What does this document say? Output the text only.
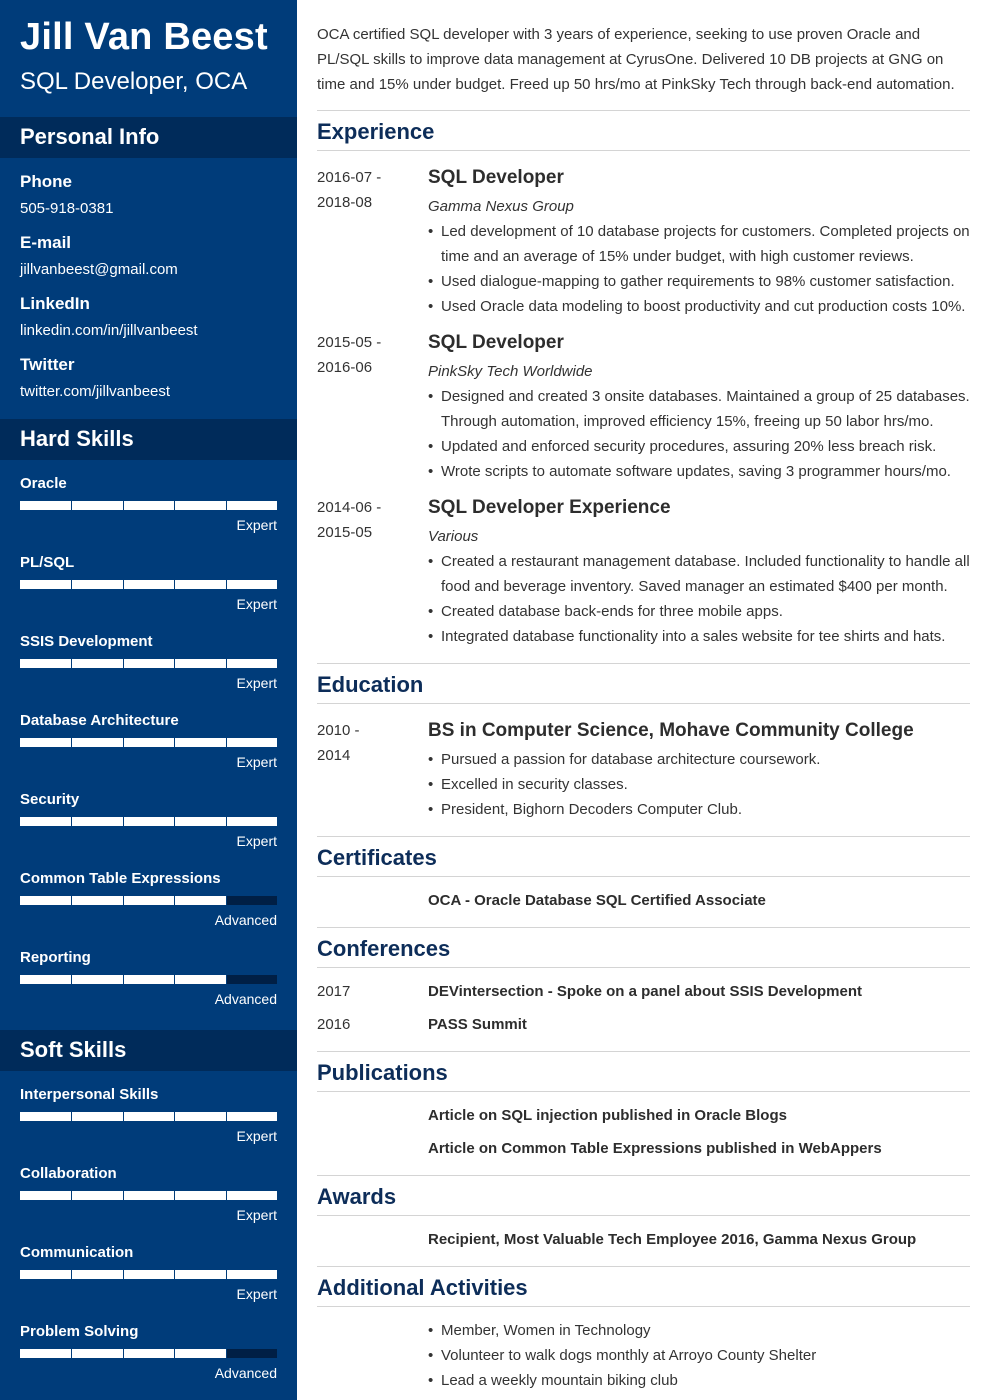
Jill Van Beest
SQL Developer, OCA
Personal Info
Phone
505-918-0381
E-mail
jillvanbeest@gmail.com
LinkedIn
linkedin.com/in/jillvanbeest
Twitter
twitter.com/jillvanbeest
Hard Skills
Oracle
Expert
PL/SQL
Expert
SSIS Development
Expert
Database Architecture
Expert
Security
Expert
Common Table Expressions
Advanced
Reporting
Advanced
Soft Skills
Interpersonal Skills
Expert
Collaboration
Expert
Communication
Expert
Problem Solving
Advanced

OCA certified SQL developer with 3 years of experience, seeking to use proven Oracle and PL/SQL skills to improve data management at CyrusOne. Delivered 10 DB projects at GNG on time and 15% under budget. Freed up 50 hrs/mo at PinkSky Tech through back-end automation.

Experience
2016-07 -
2018-08
SQL Developer
Gamma Nexus Group
• Led development of 10 database projects for customers. Completed projects on time and an average of 15% under budget, with high customer reviews.
• Used dialogue-mapping to gather requirements to 98% customer satisfaction.
• Used Oracle data modeling to boost productivity and cut production costs 10%.
2015-05 -
2016-06
SQL Developer
PinkSky Tech Worldwide
• Designed and created 3 onsite databases. Maintained a group of 25 databases. Through automation, improved efficiency 15%, freeing up 50 labor hrs/mo.
• Updated and enforced security procedures, assuring 20% less breach risk.
• Wrote scripts to automate software updates, saving 3 programmer hours/mo.
2014-06 -
2015-05
SQL Developer Experience
Various
• Created a restaurant management database. Included functionality to handle all food and beverage inventory. Saved manager an estimated $400 per month.
• Created database back-ends for three mobile apps.
• Integrated database functionality into a sales website for tee shirts and hats.
Education
2010 -
2014
BS in Computer Science, Mohave Community College
• Pursued a passion for database architecture coursework.
• Excelled in security classes.
• President, Bighorn Decoders Computer Club.
Certificates
OCA - Oracle Database SQL Certified Associate
Conferences
2017	DEVintersection - Spoke on a panel about SSIS Development
2016	PASS Summit
Publications
Article on SQL injection published in Oracle Blogs
Article on Common Table Expressions published in WebAppers
Awards
Recipient, Most Valuable Tech Employee 2016, Gamma Nexus Group
Additional Activities
• Member, Women in Technology
• Volunteer to walk dogs monthly at Arroyo County Shelter
• Lead a weekly mountain biking club
